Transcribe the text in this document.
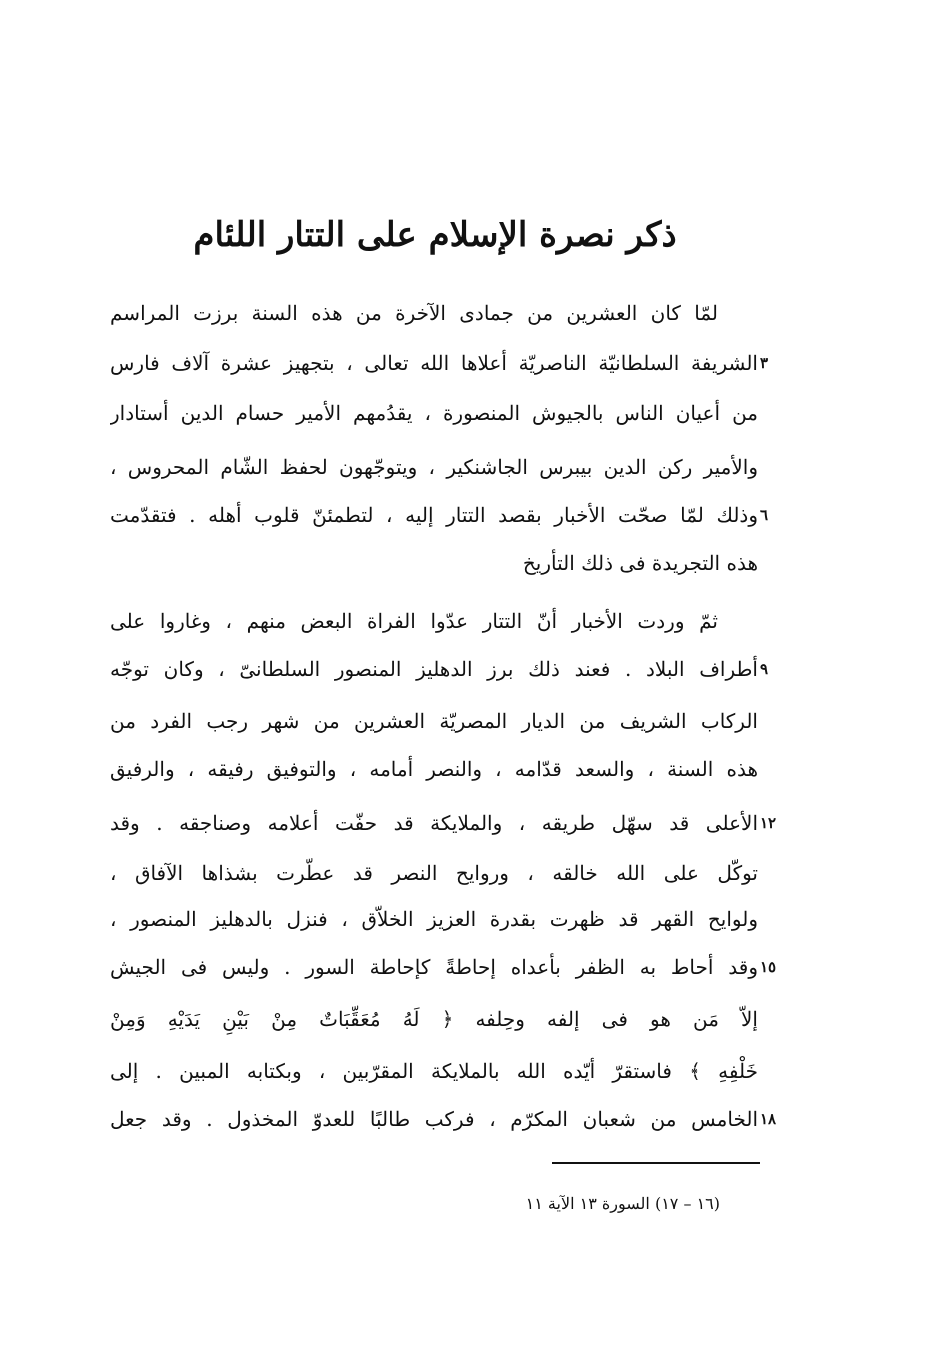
ذكر نصرة الإسلام على التتار اللئام
لمّا كان العشرين من جمادى الآخرة من هذه السنة برزت المراسم
الشريفة السلطانيّة الناصريّة أعلاها الله تعالى ، بتجهيز عشرة آلاف فارس
من أعيان الناس بالجيوش المنصورة ، يقدُمهم الأمير حسام الدين أستادار
والأمير ركن الدين بيبرس الجاشنكير ، ويتوجّهون لحفظ الشّام المحروس ،
وذلك لمّا صحّت الأخبار بقصد التتار إليه ، لتطمئنّ قلوب أهله . فتقدّمت
هذه التجريدة فى ذلك التأريخ
ثمّ وردت الأخبار أنّ التتار عدّوا الفراة البعض منهم ، وغاروا على
أطراف البلاد . فعند ذلك برز الدهليز المنصور السلطانىّ ، وكان توجّه
الركاب الشريف من الديار المصريّة العشرين من شهر رجب الفرد من
هذه السنة ، والسعد قدّامه ، والنصر أمامه ، والتوفيق رفيقه ، والرفيق
الأعلى قد سهّل طريقه ، والملايكة قد حفّت أعلامه وصناجقه . وقد
توكّل على الله خالقه ، وروايح النصر قد عطّرت بشذاها الآفاق ،
ولوايح القهر قد ظهرت بقدرة العزيز الخلاّق ، فنزل بالدهليز المنصور ،
وقد أحاط به الظفر بأعداه إحاطةً كإحاطة السور . وليس فى الجيش
إلاّ مَن هو فى إلفه وحِلفه ﴿ لَهُ مُعَقِّبَاتٌ مِنْ بَيْنِ يَدَيْهِ وَمِنْ
خَلْفِهِ ﴾ فاستقرّ أيّده الله بالملايكة المقرّبين ، وبكتابه المبين . إلى
الخامس من شعبان المكرّم ، فركب طالبًا للعدوّ المخذول . وقد جعل
٣
٦
٩
١٢
١٥
١٨
(١٦ – ١٧) السورة ١٣ الآية ١١
